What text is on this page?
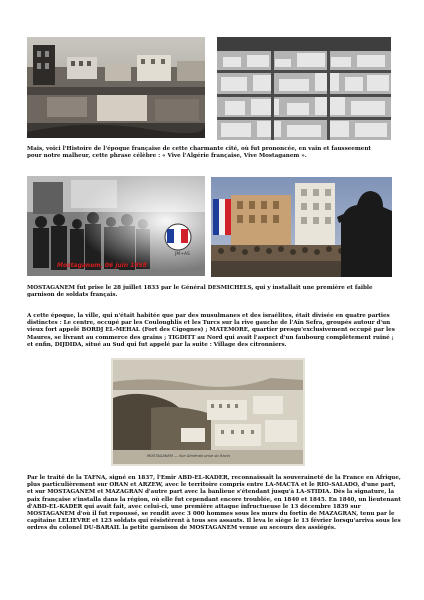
Mais, voici l'Histoire de l'époque française de cette charmante cité, où fut prononcée, en vain et fausseement pour notre malheur, cette phrase célèbre : « Vive l'Algérie française, Vive Mostaganem ».

Mostaganem, 06 juin 1958
JM+AS

MOSTAGANEM fut prise le 28 juillet 1833 par le Général DESMICHELS, qui y installait une première et faible garnison de soldats français.

A cette époque, la ville, qui n'était habitée que par des musulmanes et des israélites, était divisée en quatre parties distinctes : Le centre, occupé par les Couloughlis et les Turcs sur la rive gauche de l'Aïn Sefra, groupés autour d'un vieux fort appelé BORDJ EL-MEHAL (Fort des Cigognes) ; MATEMORE, quartier presqu'exclusivement occupé par les Maures, se livrant au commerce des grains ; TIGDITT au Nord qui avait l'aspect d'un faubourg complètement ruiné ; et enfin, DIJDIDA, situé au Sud qui fut appelé par la suite : Village des citronniers.

MOSTAGANEM — Vue Générale prise du Ravin

Par le traité de la TAFNA, signé en 1837, l'Emir ABD-EL-KADER, reconnaissait la souveraineté de la France en Afrique, plus particulièrement sur ORAN et ARZEW, avec le territoire compris entre LA-MACTA et le RIO-SALADO, d'une part, et sur MOSTAGANEM et MAZAGRAN d'autre part avec la banlieue s'étendant jusqu'à LA-STIDIA. Dès la signature, la paix française s'installa dans la région, où elle fut cependant encore troublée, en 1840 et 1845. En 1840, un lieutenant d'ABD-EL-KADER qui avait fait, avec celui-ci, une première attaque infructueuse le 13 décembre 1839 sur MOSTAGANEM d'où il fut repoussé, se rendit avec 3 000 hommes sous les murs du fortin de MAZAGRAN, tenu par le capitaine LELIEVRE et 123 soldats qui résistèrent à tous ses assauts. Il leva le siège le 13 février lorsqu'arriva sous les ordres du colonel DU-BARAIL la petite garnison de MOSTAGANEM venue au secours des assiégés.
